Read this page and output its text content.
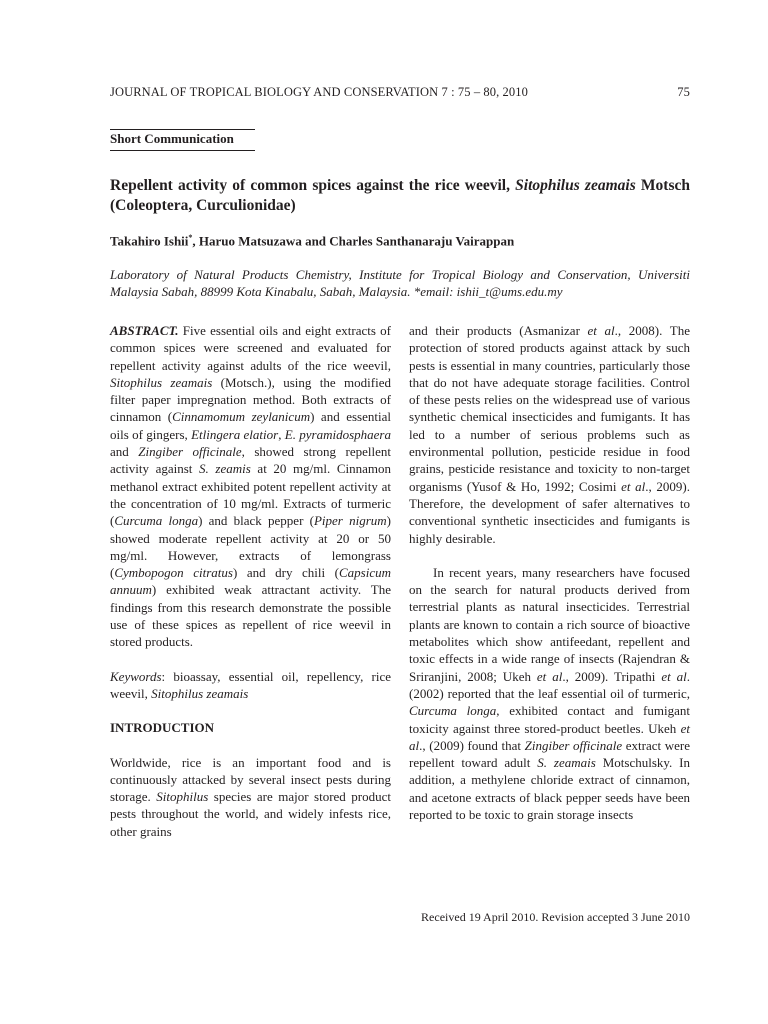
JOURNAL OF TROPICAL BIOLOGY AND CONSERVATION 7 : 75 – 80, 2010	75
Short Communication
Repellent activity of common spices against the rice weevil, Sitophilus zeamais Motsch (Coleoptera, Curculionidae)
Takahiro Ishii*, Haruo Matsuzawa and Charles Santhanaraju Vairappan
Laboratory of Natural Products Chemistry, Institute for Tropical Biology and Conservation, Universiti Malaysia Sabah, 88999 Kota Kinabalu, Sabah, Malaysia. *email: ishii_t@ums.edu.my

ABSTRACT. Five essential oils and eight extracts of common spices were screened and evaluated for repellent activity against adults of the rice weevil, Sitophilus zeamais (Motsch.), using the modified filter paper impregnation method. Both extracts of cinnamon (Cinnamomum zeylanicum) and essential oils of gingers, Etlingera elatior, E. pyramidosphaera and Zingiber officinale, showed strong repellent activity against S. zeamis at 20 mg/ml. Cinnamon methanol extract exhibited potent repellent activity at the concentration of 10 mg/ml. Extracts of turmeric (Curcuma longa) and black pepper (Piper nigrum) showed moderate repellent activity at 20 or 50 mg/ml. However, extracts of lemongrass (Cymbopogon citratus) and dry chili (Capsicum annuum) exhibited weak attractant activity. The findings from this research demonstrate the possible use of these spices as repellent of rice weevil in stored products.

Keywords: bioassay, essential oil, repellency, rice weevil, Sitophilus zeamais

INTRODUCTION

Worldwide, rice is an important food and is continuously attacked by several insect pests during storage. Sitophilus species are major stored product pests throughout the world, and widely infests rice, other grains

and their products (Asmanizar et al., 2008). The protection of stored products against attack by such pests is essential in many countries, particularly those that do not have adequate storage facilities. Control of these pests relies on the widespread use of various synthetic chemical insecticides and fumigants. It has led to a number of serious problems such as environmental pollution, pesticide residue in food grains, pesticide resistance and toxicity to non-target organisms (Yusof & Ho, 1992; Cosimi et al., 2009). Therefore, the development of safer alternatives to conventional synthetic insecticides and fumigants is highly desirable.

In recent years, many researchers have focused on the search for natural products derived from terrestrial plants as natural insecticides. Terrestrial plants are known to contain a rich source of bioactive metabolites which show antifeedant, repellent and toxic effects in a wide range of insects (Rajendran & Sriranjini, 2008; Ukeh et al., 2009). Tripathi et al. (2002) reported that the leaf essential oil of turmeric, Curcuma longa, exhibited contact and fumigant toxicity against three stored-product beetles. Ukeh et al., (2009) found that Zingiber officinale extract were repellent toward adult S. zeamais Motschulsky. In addition, a methylene chloride extract of cinnamon, and acetone extracts of black pepper seeds have been reported to be toxic to grain storage insects

Received 19 April 2010. Revision accepted 3 June 2010
